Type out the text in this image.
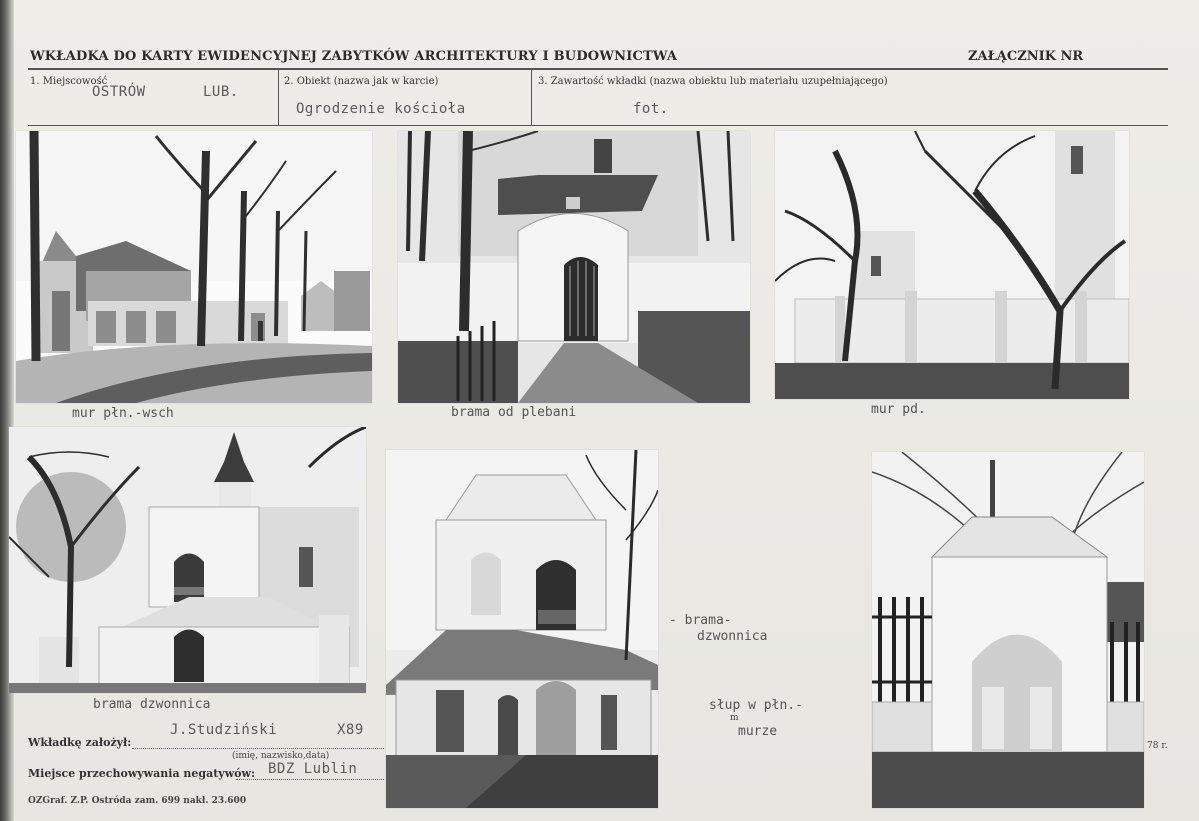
WKŁADKA DO KARTY EWIDENCYJNEJ ZABYTKÓW ARCHITEKTURY I BUDOWNICTWA	ZAŁĄCZNIK NR
1. Miejscowość
OSTRÓW	LUB.
2. Obiekt (nazwa jak w karcie)
Ogrodzenie kościoła
3. Zawartość wkładki (nazwa obiektu lub materiału uzupełniającego)
fot.
mur płn.-wsch	brama od plebani	mur pd.
brama dzwonnica
- brama-
dzwonnica
słup w płn.-
m
murze
78 r.
Wkładkę założył:
J.Studziński	X89
(imię, nazwisko,data)
Miejsce przechowywania negatywów: BDZ Lublin
OZGraf. Z.P. Ostróda zam. 699 nakł. 23.600
